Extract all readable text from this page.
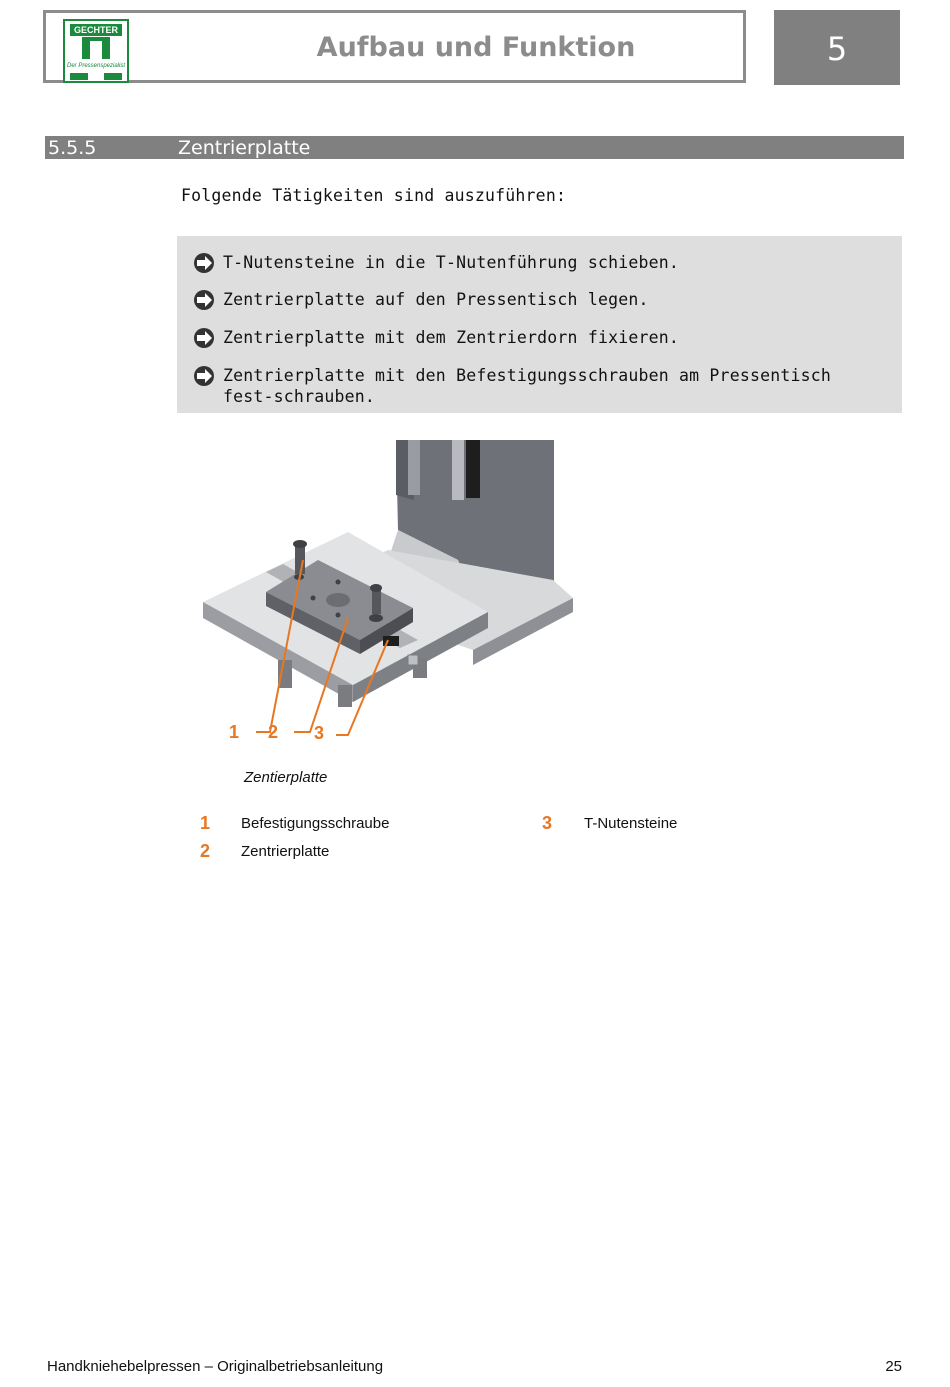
GECHTER
Der Pressenspezialist
Aufbau und Funktion	5
5.5.5	Zentrierplatte
Folgende Tätigkeiten sind auszuführen:
T-Nutensteine in die T-Nutenführung schieben.
Zentrierplatte auf den Pressentisch legen.
Zentrierplatte mit dem Zentrierdorn fixieren.
Zentrierplatte mit den Befestigungsschrauben am Pressentisch fest-schrauben.
1 2 3
Zentierplatte
1 Befestigungsschraube
2 Zentrierplatte
3 T-Nutensteine
Handkniehebelpressen – Originalbetriebsanleitung	25
